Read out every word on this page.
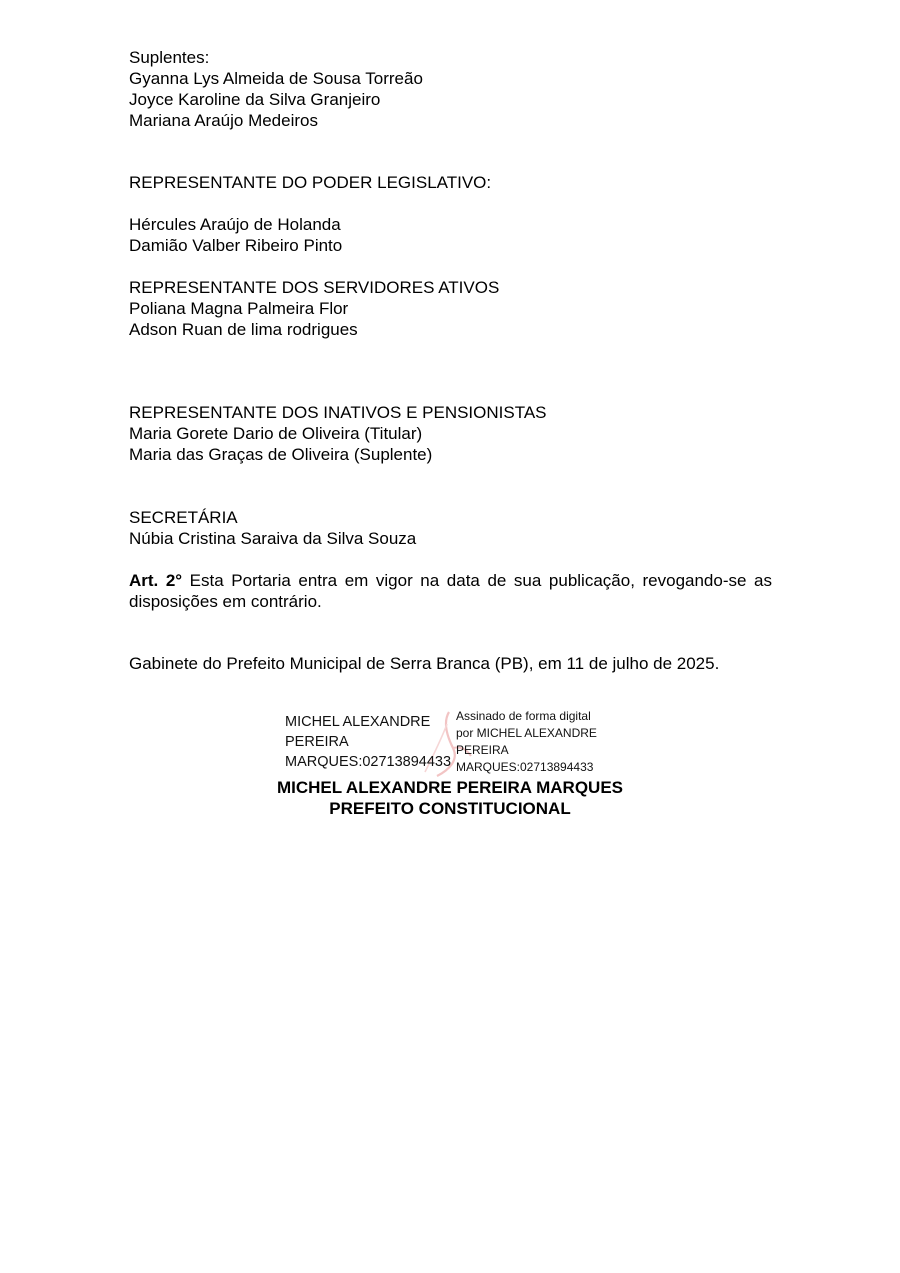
Suplentes:
Gyanna Lys Almeida de Sousa Torreão
Joyce Karoline da Silva Granjeiro
Mariana Araújo Medeiros
REPRESENTANTE DO PODER LEGISLATIVO:
Hércules Araújo de Holanda
Damião Valber Ribeiro Pinto
REPRESENTANTE DOS SERVIDORES ATIVOS
Poliana Magna Palmeira Flor
Adson Ruan de lima rodrigues
REPRESENTANTE DOS INATIVOS E PENSIONISTAS
Maria Gorete Dario de Oliveira (Titular)
Maria das Graças de Oliveira (Suplente)
SECRETÁRIA
Núbia Cristina Saraiva da Silva Souza
Art. 2° Esta Portaria entra em vigor na data de sua publicação, revogando-se as disposições em contrário.
Gabinete do Prefeito Municipal de Serra Branca (PB), em 11 de julho de 2025.
MICHEL ALEXANDRE
PEREIRA
MARQUES:02713894433
Assinado de forma digital
por MICHEL ALEXANDRE
PEREIRA
MARQUES:02713894433
MICHEL ALEXANDRE PEREIRA MARQUES
PREFEITO CONSTITUCIONAL
